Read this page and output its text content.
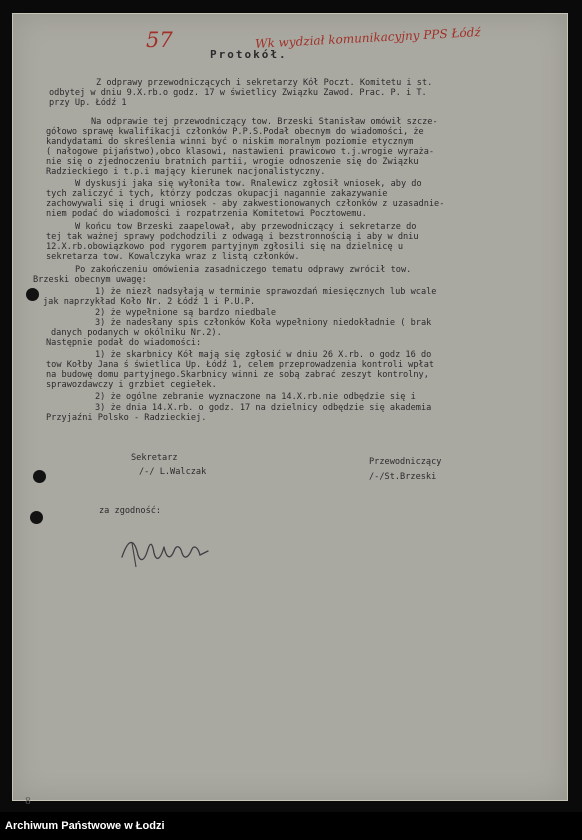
57	Wk wydział komunikacyjny PPS Łódź
Protokół.
Z odprawy przewodniczących i sekretarzy Kół Poczt. Komitetu i st.
odbytej w dniu 9.X.rb.o godz. 17 w świetlicy Związku Zawod. Prac. P. i T.
przy Up. Łódź 1
Na odprawie tej przewodniczący tow. Brzeski Stanisław omówił szcze-
gółowo sprawę kwalifikacji członków P.P.S.Podał obecnym do wiadomości, że
kandydatami do skreślenia winni być o niskim moralnym poziomie etycznym
( nałogowe pijaństwo),obco klasowi, nastawieni prawicowo t.j.wrogie wyraża-
nie się o zjednoczeniu bratnich partii, wrogie odnoszenie się do Związku
Radzieckiego i t.p.i mający kierunek nacjonalistyczny.
W dyskusji jaka się wyłoniła tow. Rnalewicz zgłosił wniosek, aby do
tych zaliczyć i tych, którzy podczas okupacji nagannie zakazywanie
zachowywali się i drugi wniosek - aby zakwestionowanych członków z uzasadnie-
niem podać do wiadomości i rozpatrzenia Komitetowi Pocztowemu.
W końcu tow Brzeski zaapelował, aby przewodniczący i sekretarze do
tej tak ważnej sprawy podchodzili z odwagą i bezstronnością i aby w dniu
12.X.rb.obowiązkowo pod rygorem partyjnym zgłosili się na dzielnicę u
sekretarza tow. Kowalczyka wraz z listą członków.
Po zakończeniu omówienia zasadniczego tematu odprawy zwrócił tow.
Brzeski obecnym uwagę:
1) że niezł nadsyłają w terminie sprawozdań miesięcznych lub wcale
jak naprzykład Koło Nr. 2 Łódź 1 i P.U.P.
2) że wypełnione są bardzo niedbale
3) że nadesłany spis członków Koła wypełniony niedokładnie ( brak
danych podanych w okólniku Nr.2).
Następnie podał do wiadomości:
1) że skarbnicy Kół mają się zgłosić w dniu 26 X.rb. o godz 16 do
tow Kołby Jana ś świetlica Up. Łódź 1, celem przeprowadzenia kontroli wpłat
na budowę domu partyjnego.Skarbnicy winni ze sobą zabrać zeszyt kontrolny,
sprawozdawczy i grzbiet cegiełek.
2) że ogólne zebranie wyznaczone na 14.X.rb.nie odbędzie się i
3) że dnia 14.X.rb. o godz. 17 na dzielnicy odbędzie się akademia
Przyjaźni Polsko - Radzieckiej.
Sekretarz
/-/ L.Walczak
Przewodniczący
/-/St.Brzeski
za zgodność:
8
Archiwum Państwowe w Łodzi
